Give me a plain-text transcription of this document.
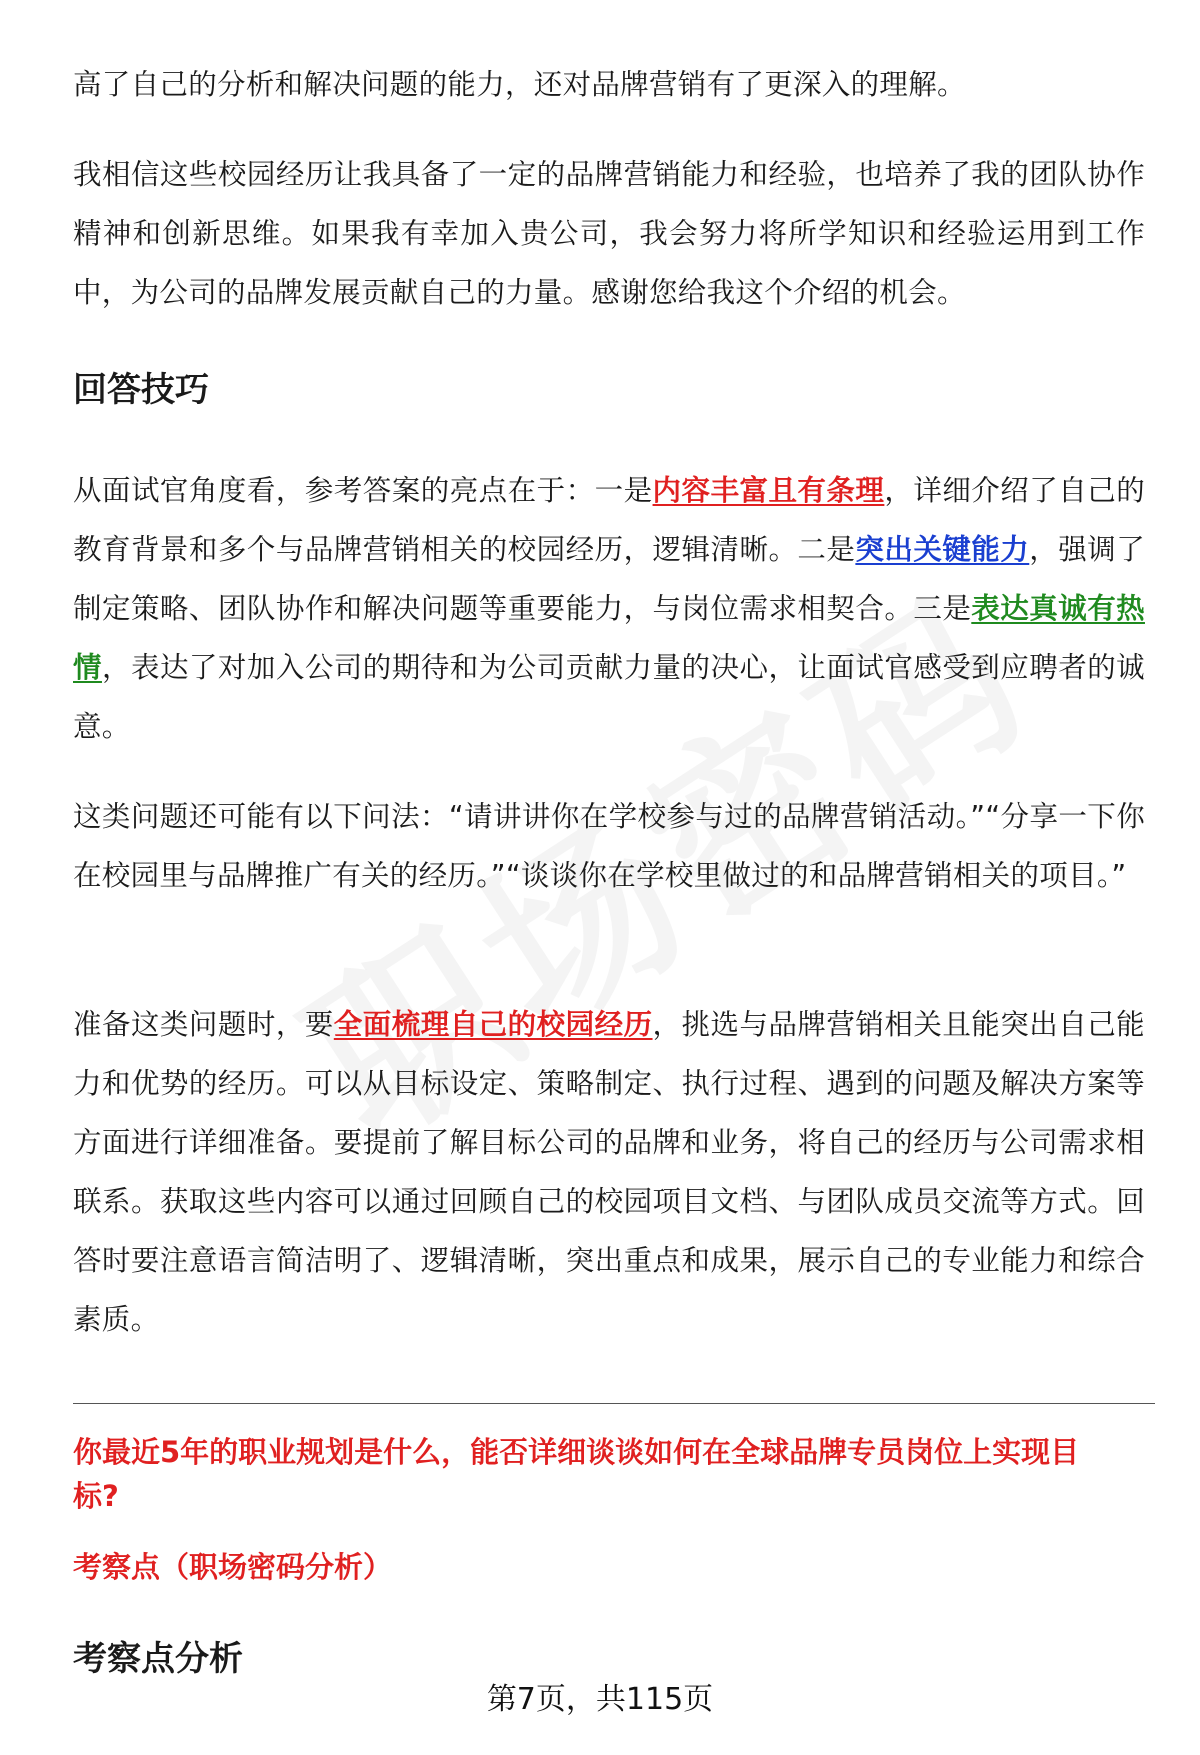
高了自己的分析和解决问题的能力，还对品牌营销有了更深入的理解。

我相信这些校园经历让我具备了一定的品牌营销能力和经验，也培养了我的团队协作精神和创新思维。如果我有幸加入贵公司，我会努力将所学知识和经验运用到工作中，为公司的品牌发展贡献自己的力量。感谢您给我这个介绍的机会。

回答技巧

从面试官角度看，参考答案的亮点在于：一是内容丰富且有条理，详细介绍了自己的教育背景和多个与品牌营销相关的校园经历，逻辑清晰。二是突出关键能力，强调了制定策略、团队协作和解决问题等重要能力，与岗位需求相契合。三是表达真诚有热情，表达了对加入公司的期待和为公司贡献力量的决心，让面试官感受到应聘者的诚意。

这类问题还可能有以下问法：“请讲讲你在学校参与过的品牌营销活动。”“分享一下你在校园里与品牌推广有关的经历。”“谈谈你在学校里做过的和品牌营销相关的项目。”

准备这类问题时，要全面梳理自己的校园经历，挑选与品牌营销相关且能突出自己能力和优势的经历。可以从目标设定、策略制定、执行过程、遇到的问题及解决方案等方面进行详细准备。要提前了解目标公司的品牌和业务，将自己的经历与公司需求相联系。获取这些内容可以通过回顾自己的校园项目文档、与团队成员交流等方式。回答时要注意语言简洁明了、逻辑清晰，突出重点和成果，展示自己的专业能力和综合素质。

你最近5年的职业规划是什么，能否详细谈谈如何在全球品牌专员岗位上实现目标?

考察点（职场密码分析）

考察点分析
第7页，共115页
